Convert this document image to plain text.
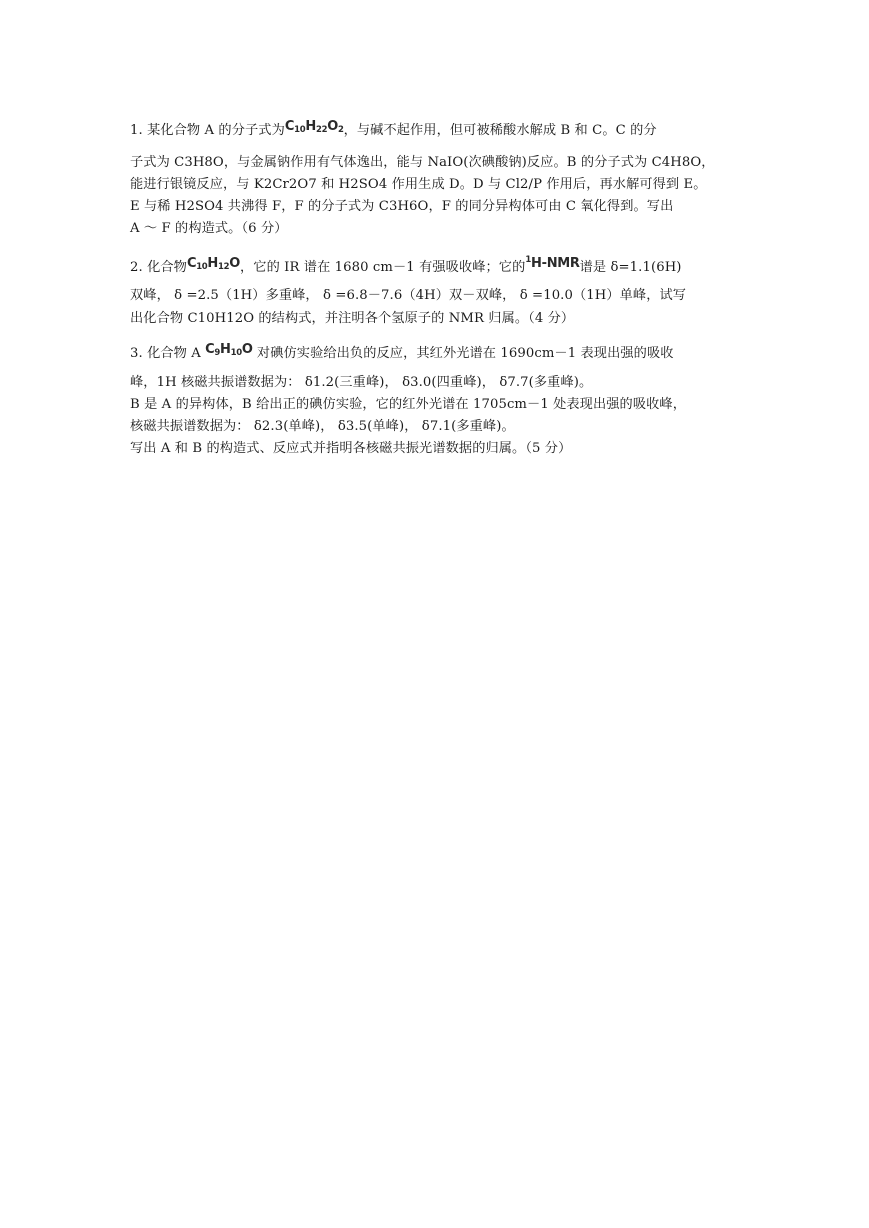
1. 某化合物 A 的分子式为$C_{10}H_{22}O_2$，与碱不起作用，但可被稀酸水解成 B 和 C。C 的分
子式为 C3H8O，与金属钠作用有气体逸出，能与 NaIO(次碘酸钠)反应。B 的分子式为 C4H8O，
能进行银镜反应，与 K2Cr2O7 和 H2SO4 作用生成 D。D 与 Cl2/P 作用后，再水解可得到 E。
E 与稀 H2SO4 共沸得 F，F 的分子式为 C3H6O，F 的同分异构体可由 C 氧化得到。写出
A ～ F 的构造式。（6 分）
2. 化合物$C_{10}H_{12}O$，它的 IR 谱在 1680 cm－1 有强吸收峰；它的$^1$H-NMR谱是 δ=1.1(6H)
双峰， δ =2.5（1H）多重峰， δ =6.8－7.6（4H）双－双峰， δ =10.0（1H）单峰，试写
出化合物 C10H12O 的结构式，并注明各个氢原子的 NMR 归属。（4 分）
3. 化合物 A $C_9H_{10}O$ 对碘仿实验给出负的反应，其红外光谱在 1690cm－1 表现出强的吸收
峰，1H 核磁共振谱数据为： δ1.2(三重峰)， δ3.0(四重峰)， δ7.7(多重峰)。
B 是 A 的异构体，B 给出正的碘仿实验，它的红外光谱在 1705cm－1 处表现出强的吸收峰，
核磁共振谱数据为： δ2.3(单峰)， δ3.5(单峰)， δ7.1(多重峰)。
写出 A 和 B 的构造式、反应式并指明各核磁共振光谱数据的归属。（5 分）
